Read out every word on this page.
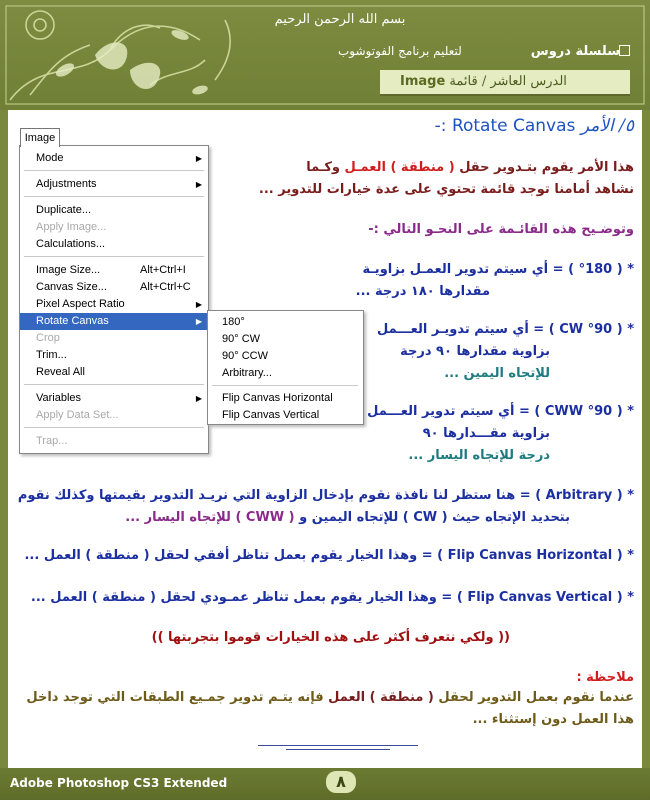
بسم الله الرحمن الرحيم
سلسلة دروس
لتعليم برنامج الفوتوشوب
الدرس العاشر / قائمة Image
٥/ الأمر Rotate Canvas :-
Image
Mode	▶
Adjustments	▶
Duplicate...
Apply Image...
Calculations...
Image Size...	Alt+Ctrl+I
Canvas Size...	Alt+Ctrl+C
Pixel Aspect Ratio	▶
Rotate Canvas	▶
Crop
Trim...
Reveal All
Variables	▶
Apply Data Set...
Trap...
180°
90° CW
90° CCW
Arbitrary...
Flip Canvas Horizontal
Flip Canvas Vertical
هذا الأمر يقوم بتـدوير حقل ( منطقة ) العمـل وكـما
نشاهد أمامنا توجد قائمة تحتوي على عدة خيارات للتدوير ...
وتوضـيح هذه القائـمة على النحـو التالي :-
* ( °180 ) = أي سيتم تدوير العمـل بزاويـة
مقدارها ١٨٠ درجة ...
* ( CW °90 ) = أي سيتم تدويـر العـــمل
بزاوية مقدارها ٩٠ درجة
للإتجاه اليمين ...
* ( CWW °90 ) = أي سيتم تدوير العـــمل
بزاوية مقـــدارها ٩٠
درجة للإتجاه اليسار ...
* ( Arbitrary ) = هنا ستظر لنا نافذة نقوم بإدخال الزاوية التي نريـد التدوير بقيمتها وكذلك نقوم
بتحديد الإتجاه حيث ( CW ) للإتجاه اليمين و ( CWW ) للإتجاه اليسار ...
* ( Flip Canvas Horizontal ) = وهذا الخيار يقوم بعمل تناظر أفقي لحقل ( منطقة ) العمل ...
* ( Flip Canvas Vertical ) = وهذا الخيار يقوم بعمل تناظر عمـودي لحقل ( منطقة ) العمل ...
(( ولكي نتعرف أكثر على هذه الخيارات قوموا بتجربتها ))
ملاحظة :
عندما نقوم بعمل التدوير لحقل ( منطقة ) العمل فإنه يتـم تدوير جمـيع الطبقات التي توجد داخل
هذا العمل دون إستثناء ...
Adobe Photoshop CS3 Extended	٨
